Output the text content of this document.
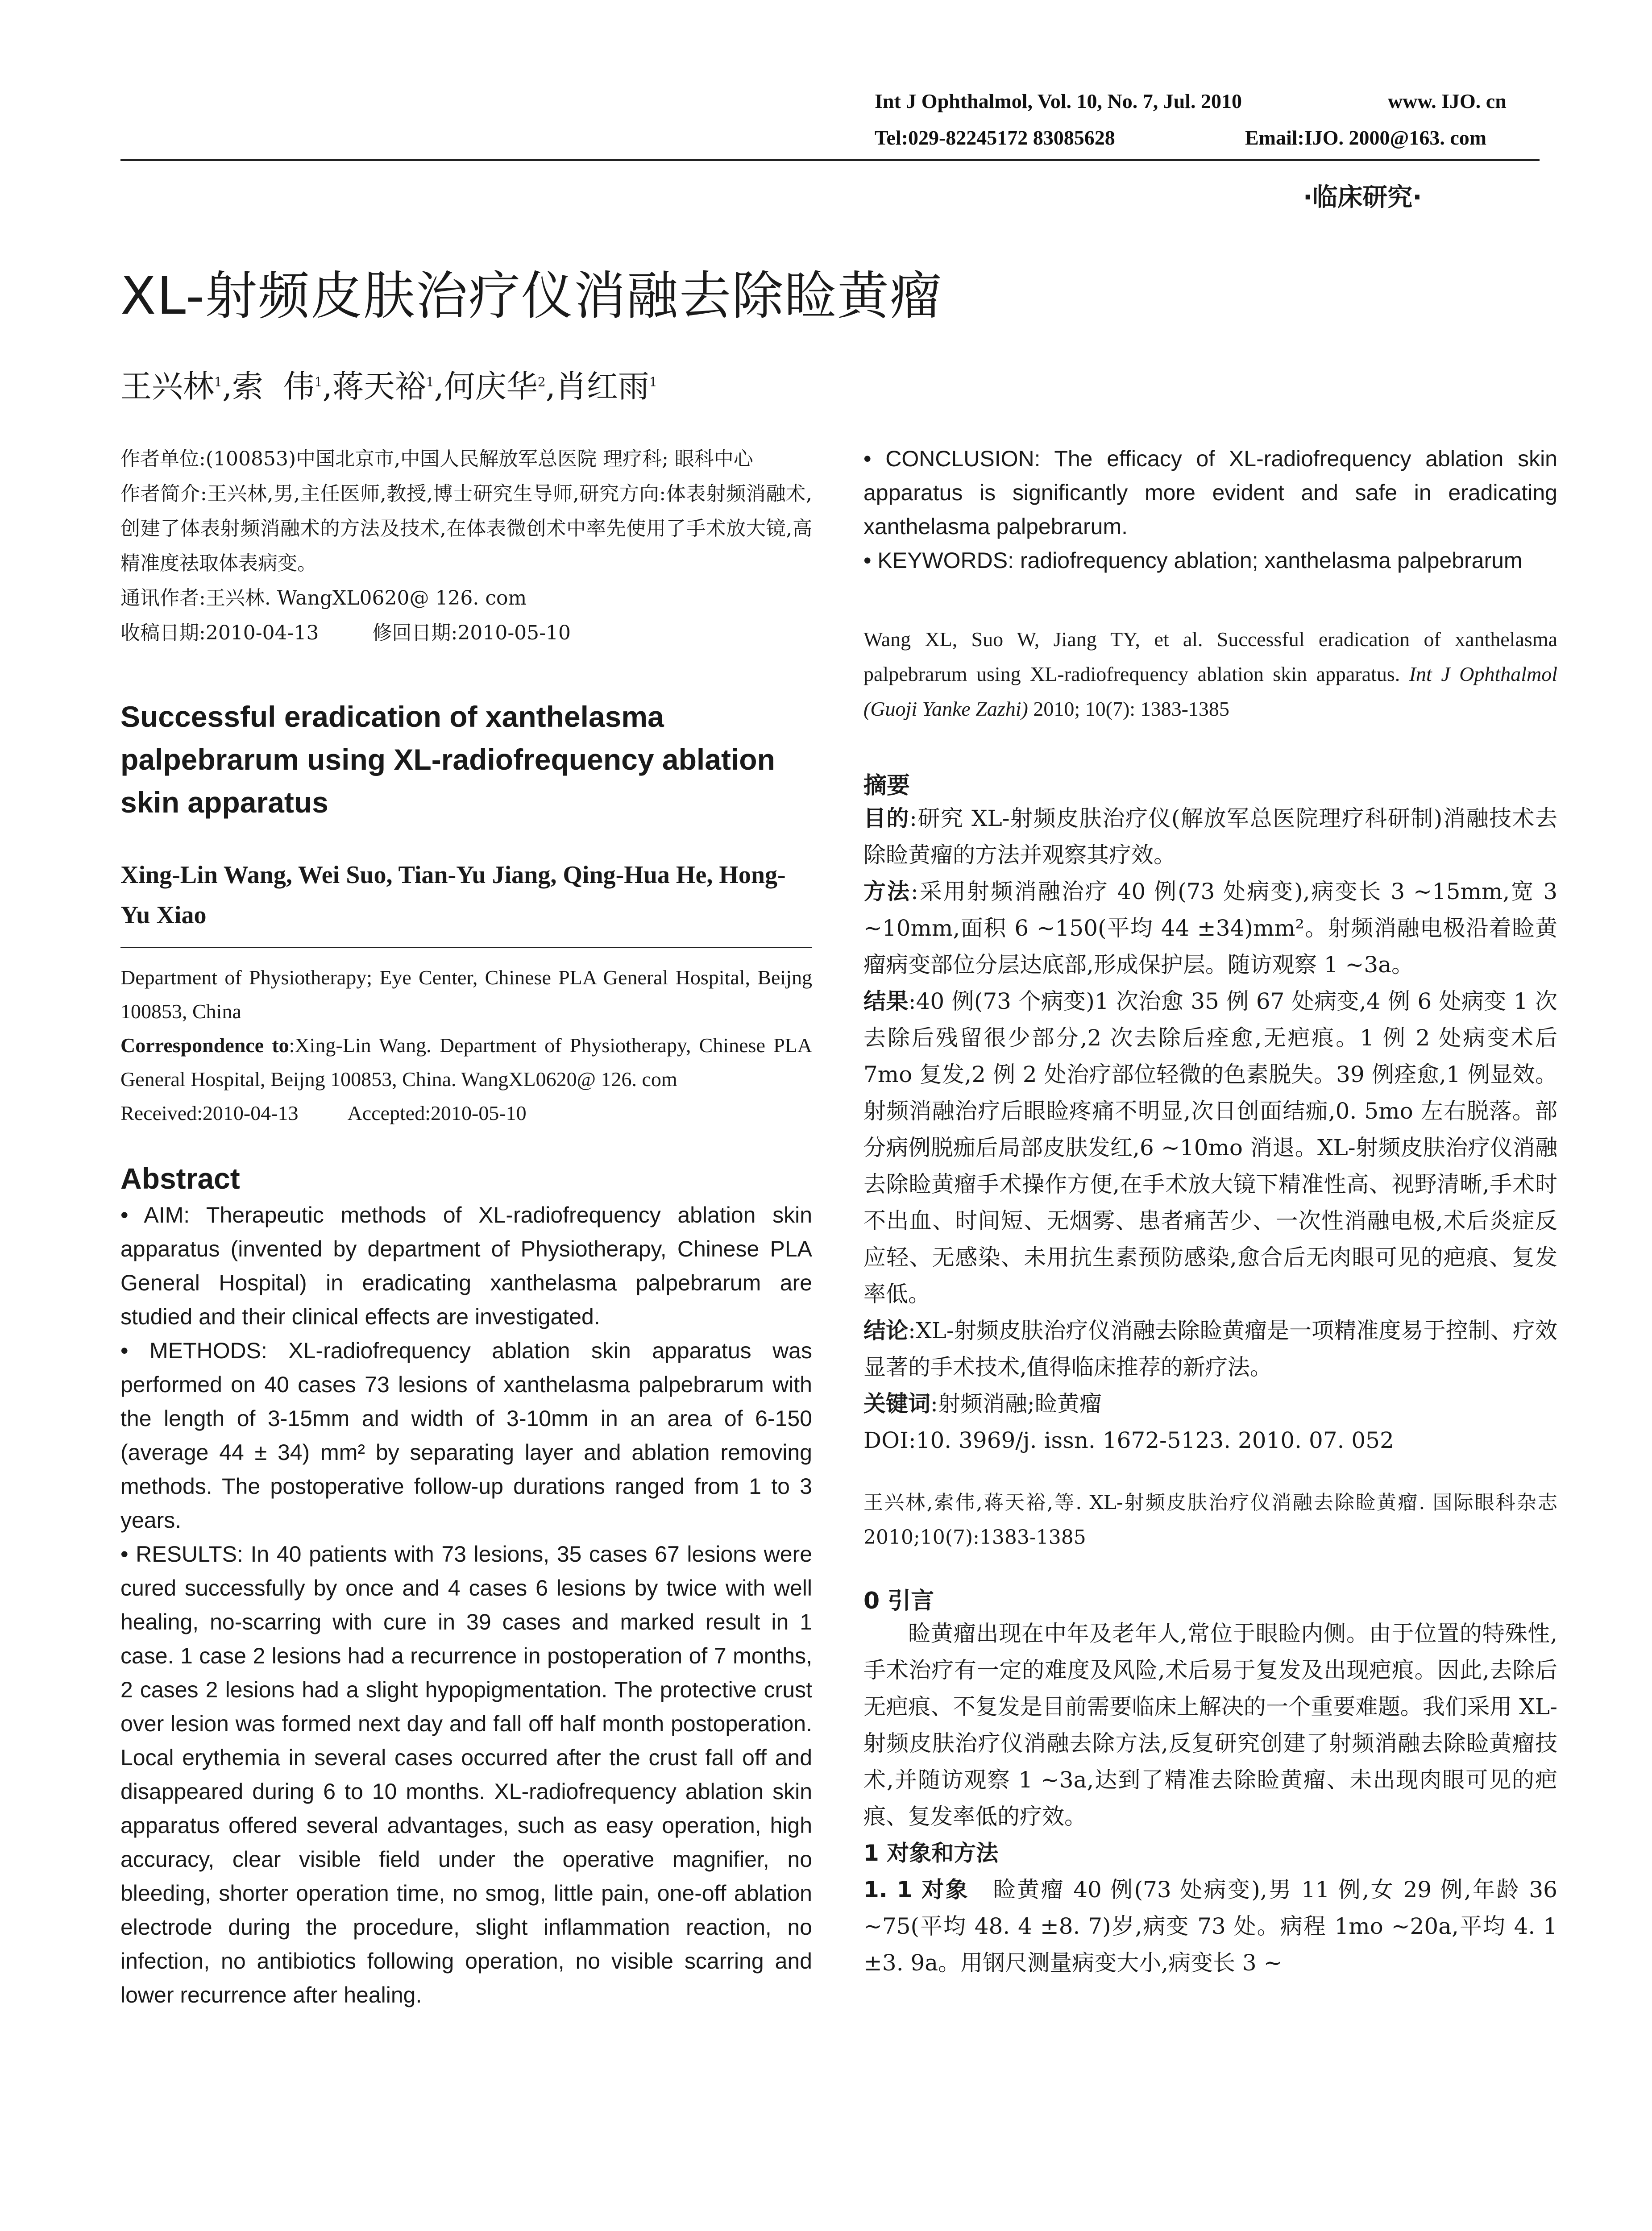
Int J Ophthalmol, Vol. 10, No. 7, Jul. 2010	www. IJO. cn
Tel:029-82245172 83085628	Email:IJO. 2000@163. com
·临床研究·
XL-射频皮肤治疗仪消融去除睑黄瘤
王兴林$^1$,索  伟$^1$,蒋天裕$^1$,何庆华$^2$,肖红雨$^1$

作者单位:(100853)中国北京市,中国人民解放军总医院 理疗科; 眼科中心

作者简介:王兴林,男,主任医师,教授,博士研究生导师,研究方向:体表射频消融术,创建了体表射频消融术的方法及技术,在体表微创术中率先使用了手术放大镜,高精准度祛取体表病变。

通讯作者:王兴林. WangXL0620@ 126. com

收稿日期:2010-04-13	修回日期:2010-05-10

Successful eradication of xanthelasma palpebrarum using XL-radiofrequency ablation skin apparatus
Xing-Lin Wang, Wei Suo, Tian-Yu Jiang, Qing-Hua He, Hong-Yu Xiao

Department of Physiotherapy; Eye Center, Chinese PLA General Hospital, Beijng 100853, China

Correspondence to:Xing-Lin Wang. Department of Physiotherapy, Chinese PLA General Hospital, Beijng 100853, China. WangXL0620@ 126. com

Received:2010-04-13 Accepted:2010-05-10

Abstract

• AIM: Therapeutic methods of XL-radiofrequency ablation skin apparatus (invented by department of Physiotherapy, Chinese PLA General Hospital) in eradicating xanthelasma palpebrarum are studied and their clinical effects are investigated.

• METHODS: XL-radiofrequency ablation skin apparatus was performed on 40 cases 73 lesions of xanthelasma palpebrarum with the length of 3-15mm and width of 3-10mm in an area of 6-150 (average 44 ± 34) mm² by separating layer and ablation removing methods. The postoperative follow-up durations ranged from 1 to 3 years.

• RESULTS: In 40 patients with 73 lesions, 35 cases 67 lesions were cured successfully by once and 4 cases 6 lesions by twice with well healing, no-scarring with cure in 39 cases and marked result in 1 case. 1 case 2 lesions had a recurrence in postoperation of 7 months, 2 cases 2 lesions had a slight hypopigmentation. The protective crust over lesion was formed next day and fall off half month postoperation. Local erythemia in several cases occurred after the crust fall off and disappeared during 6 to 10 months. XL-radiofrequency ablation skin apparatus offered several advantages, such as easy operation, high accuracy, clear visible field under the operative magnifier, no bleeding, shorter operation time, no smog, little pain, one-off ablation electrode during the procedure, slight inflammation reaction, no infection, no antibiotics following operation, no visible scarring and lower recurrence after healing.

• CONCLUSION: The efficacy of XL-radiofrequency ablation skin apparatus is significantly more evident and safe in eradicating xanthelasma palpebrarum.

• KEYWORDS: radiofrequency ablation; xanthelasma palpebrarum

Wang XL, Suo W, Jiang TY, et al. Successful eradication of xanthelasma palpebrarum using XL-radiofrequency ablation skin apparatus. Int J Ophthalmol (Guoji Yanke Zazhi) 2010; 10(7): 1383-1385
摘要

目的:研究 XL-射频皮肤治疗仪(解放军总医院理疗科研制)消融技术去除睑黄瘤的方法并观察其疗效。

方法:采用射频消融治疗 40 例(73 处病变),病变长 3 ~15mm,宽 3 ~10mm,面积 6 ~150(平均 44 ±34)mm²。射频消融电极沿着睑黄瘤病变部位分层达底部,形成保护层。随访观察 1 ~3a。

结果:40 例(73 个病变)1 次治愈 35 例 67 处病变,4 例 6 处病变 1 次去除后残留很少部分,2 次去除后痊愈,无疤痕。1 例 2 处病变术后 7mo 复发,2 例 2 处治疗部位轻微的色素脱失。39 例痊愈,1 例显效。射频消融治疗后眼睑疼痛不明显,次日创面结痂,0. 5mo 左右脱落。部分病例脱痂后局部皮肤发红,6 ~10mo 消退。XL-射频皮肤治疗仪消融去除睑黄瘤手术操作方便,在手术放大镜下精准性高、视野清晰,手术时不出血、时间短、无烟雾、患者痛苦少、一次性消融电极,术后炎症反应轻、无感染、未用抗生素预防感染,愈合后无肉眼可见的疤痕、复发率低。

结论:XL-射频皮肤治疗仪消融去除睑黄瘤是一项精准度易于控制、疗效显著的手术技术,值得临床推荐的新疗法。

关键词:射频消融;睑黄瘤

DOI:10. 3969/j. issn. 1672-5123. 2010. 07. 052

王兴林,索伟,蒋天裕,等. XL-射频皮肤治疗仪消融去除睑黄瘤. 国际眼科杂志 2010;10(7):1383-1385
0 引言
睑黄瘤出现在中年及老年人,常位于眼睑内侧。由于位置的特殊性,手术治疗有一定的难度及风险,术后易于复发及出现疤痕。因此,去除后无疤痕、不复发是目前需要临床上解决的一个重要难题。我们采用 XL-射频皮肤治疗仪消融去除方法,反复研究创建了射频消融去除睑黄瘤技术,并随访观察 1 ~3a,达到了精准去除睑黄瘤、未出现肉眼可见的疤痕、复发率低的疗效。
1 对象和方法
1. 1 对象 睑黄瘤 40 例(73 处病变),男 11 例,女 29 例,年龄 36 ~75(平均 48. 4 ±8. 7)岁,病变 73 处。病程 1mo ~20a,平均 4. 1 ±3. 9a。用钢尺测量病变大小,病变长 3 ~
